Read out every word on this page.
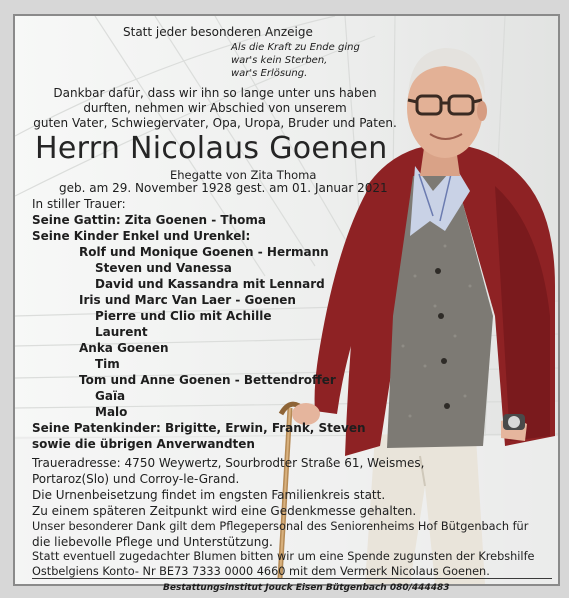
Statt jeder besonderen Anzeige
Als die Kraft zu Ende ging
war's kein Sterben,
war's Erlösung.
Dankbar dafür, dass wir ihn so lange unter uns haben
durften, nehmen wir Abschied von unserem
guten Vater, Schwiegervater, Opa, Uropa, Bruder und Paten.
Herrn Nicolaus Goenen
Ehegatte von Zita Thoma
geb. am 29. November 1928 gest. am 01. Januar 2021
In stiller Trauer:
Seine Gattin: Zita Goenen - Thoma
Seine Kinder Enkel und Urenkel:
Rolf und Monique Goenen - Hermann
Steven und Vanessa
David und Kassandra mit Lennard
Iris und Marc Van Laer - Goenen
Pierre und Clio mit Achille
Laurent
Anka Goenen
Tim
Tom und Anne Goenen - Bettendroffer
Gaïa
Malo
Seine Patenkinder: Brigitte, Erwin, Frank, Steven
sowie die übrigen Anverwandten
Traueradresse: 4750 Weywertz, Sourbrodter Straße 61, Weismes,
Portaroz(Slo) und Corroy-le-Grand.
Die Urnenbeisetzung findet im engsten Familienkreis statt.
Zu einem späteren Zeitpunkt wird eine Gedenkmesse gehalten.
Unser besonderer Dank gilt dem Pflegepersonal des Seniorenheims Hof Bütgenbach für
die liebevolle Pflege und Unterstützung.
Statt eventuell zugedachter Blumen bitten wir um eine Spende zugunsten der Krebshilfe
Ostbelgiens Konto- Nr BE73 7333 0000 4660 mit dem Vermerk Nicolaus Goenen.
Bestattungsinstitut Jouck Eisen Bütgenbach 080/444483
